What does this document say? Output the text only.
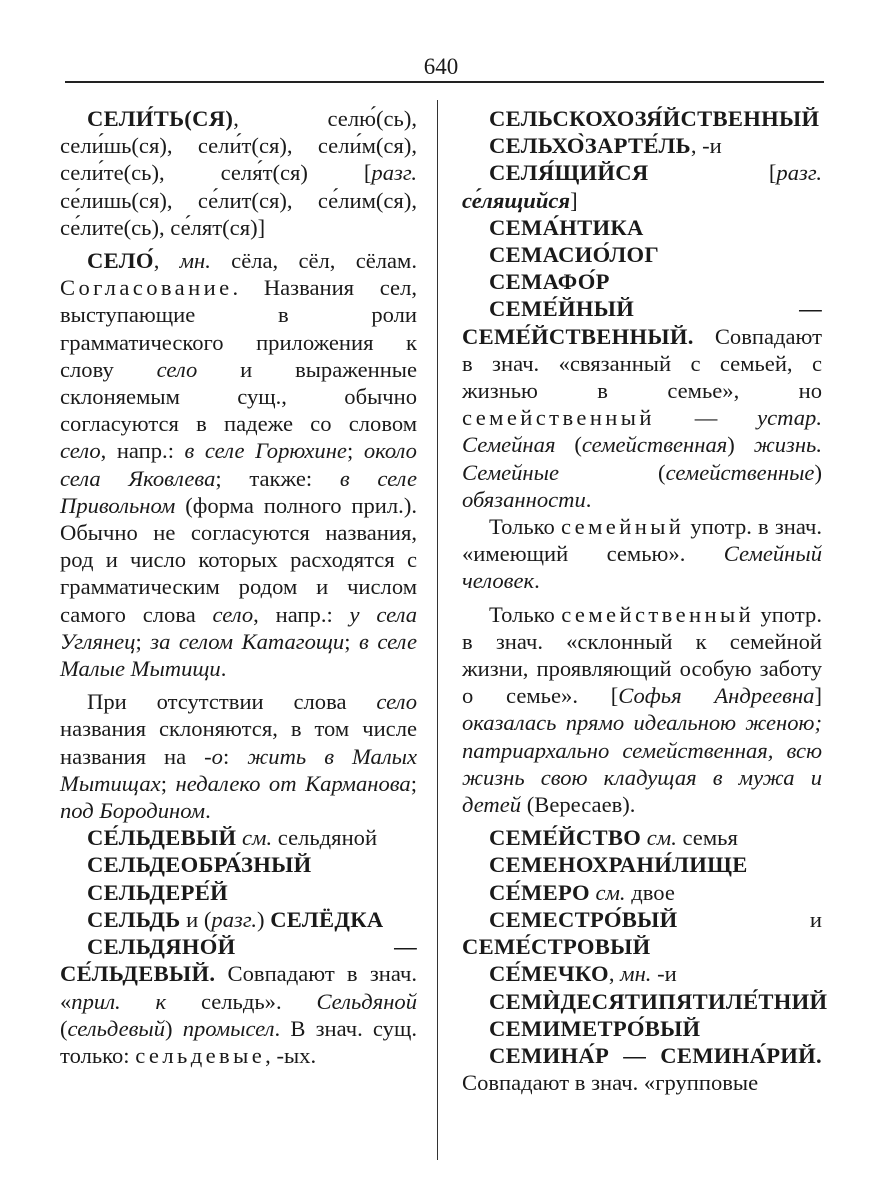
640

СЕЛИ́ТЬ(СЯ), селю́(сь), сели́шь(ся), сели́т(ся), сели́м(ся), сели́те(сь), селя́т(ся) [разг. се́лишь(ся), се́лит(ся), се́лим(ся), се́лите(сь), се́лят(ся)]

СЕЛО́, мн. сёла, сёл, сёлам. Согласование. Названия сел, выступающие в роли грамматического приложения к слову село и выраженные склоняемым сущ., обычно согласуются в падеже со словом село, напр.: в селе Горюхине; около села Яковлева; также: в селе Привольном (форма полного прил.). Обычно не согласуются названия, род и число которых расходятся с грамматическим родом и числом самого слова село, напр.: у села Углянец; за селом Катагощи; в селе Малые Мытищи.

При отсутствии слова село названия склоняются, в том числе названия на -о: жить в Малых Мытищах; недалеко от Карманова; под Бородином.

СЕ́ЛЬДЕВЫЙ см. сельдяной

СЕЛЬДЕОБРА́ЗНЫЙ

СЕЛЬДЕРЕ́Й

СЕЛЬДЬ и (разг.) СЕЛЁДКА

СЕЛЬДЯНО́Й — СЕ́ЛЬДЕВЫЙ. Совпадают в знач. «прил. к сельдь». Сельдяной (сельдевый) промысел. В знач. сущ. только: сельдевые, -ых.

СЕЛЬСКОХОЗЯ́ЙСТВЕННЫЙ

СЕЛЬХО̀ЗАРТЕ́ЛЬ, -и

СЕЛЯ́ЩИЙСЯ [разг. се́лящийся]

СЕМА́НТИКА

СЕМАСИО́ЛОГ

СЕМАФО́Р

СЕМЕ́ЙНЫЙ — СЕМЕ́ЙСТВЕННЫЙ. Совпадают в знач. «связанный с семьей, с жизнью в семье», но семейственный — устар. Семейная (семейственная) жизнь. Семейные (семейственные) обязанности.

Только семейный употр. в знач. «имеющий семью». Семейный человек.

Только семейственный употр. в знач. «склонный к семейной жизни, проявляющий особую заботу о семье». [Софья Андреевна] оказалась прямо идеальною женою; патриархально семейственная, всю жизнь свою кладущая в мужа и детей (Вересаев).

СЕМЕ́ЙСТВО см. семья

СЕМЕНОХРАНИ́ЛИЩЕ

СЕ́МЕРО см. двое

СЕМЕСТРО́ВЫЙ и СЕМЕ́СТРОВЫЙ

СЕ́МЕЧКО, мн. -и

СЕМЍДЕСЯТИПЯТИЛЕ́ТНИЙ

СЕМИМЕТРО́ВЫЙ

СЕМИНА́Р — СЕМИНА́РИЙ. Совпадают в знач. «групповые
